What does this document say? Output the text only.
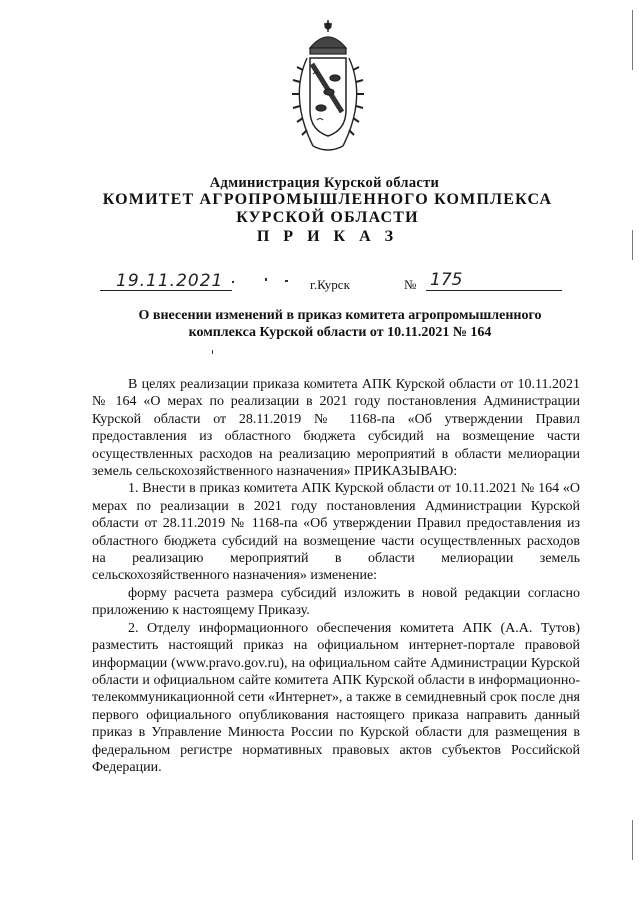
Администрация Курской области
КОМИТЕТ АГРОПРОМЫШЛЕННОГО КОМПЛЕКСА
КУРСКОЙ ОБЛАСТИ
П Р И К А З
19.11.2021	г.Курск	№ 175
О внесении изменений в приказ комитета агропромышленного
комплекса Курской области от 10.11.2021 № 164

В целях реализации приказа комитета АПК Курской области от 10.11.2021 № 164 «О мерах по реализации в 2021 году постановления Администрации Курской области от 28.11.2019 № 1168-па «Об утверждении Правил предоставления из областного бюджета субсидий на возмещение части осуществленных расходов на реализацию мероприятий в области мелиорации земель сельскохозяйственного назначения» ПРИКАЗЫВАЮ:

1. Внести в приказ комитета АПК Курской области от 10.11.2021 № 164 «О мерах по реализации в 2021 году постановления Администрации Курской области от 28.11.2019 № 1168-па «Об утверждении Правил предоставления из областного бюджета субсидий на возмещение части осуществленных расходов на реализацию мероприятий в области мелиорации земель сельскохозяйственного назначения» изменение:

форму расчета размера субсидий изложить в новой редакции согласно приложению к настоящему Приказу.

2. Отделу информационного обеспечения комитета АПК (А.А. Тутов) разместить настоящий приказ на официальном интернет-портале правовой информации (www.pravo.gov.ru), на официальном сайте Администрации Курской области и официальном сайте комитета АПК Курской области в информационно-телекоммуникационной сети «Интернет», а также в семидневный срок после дня первого официального опубликования настоящего приказа направить данный приказ в Управление Минюста России по Курской области для размещения в федеральном регистре нормативных правовых актов субъектов Российской Федерации.
